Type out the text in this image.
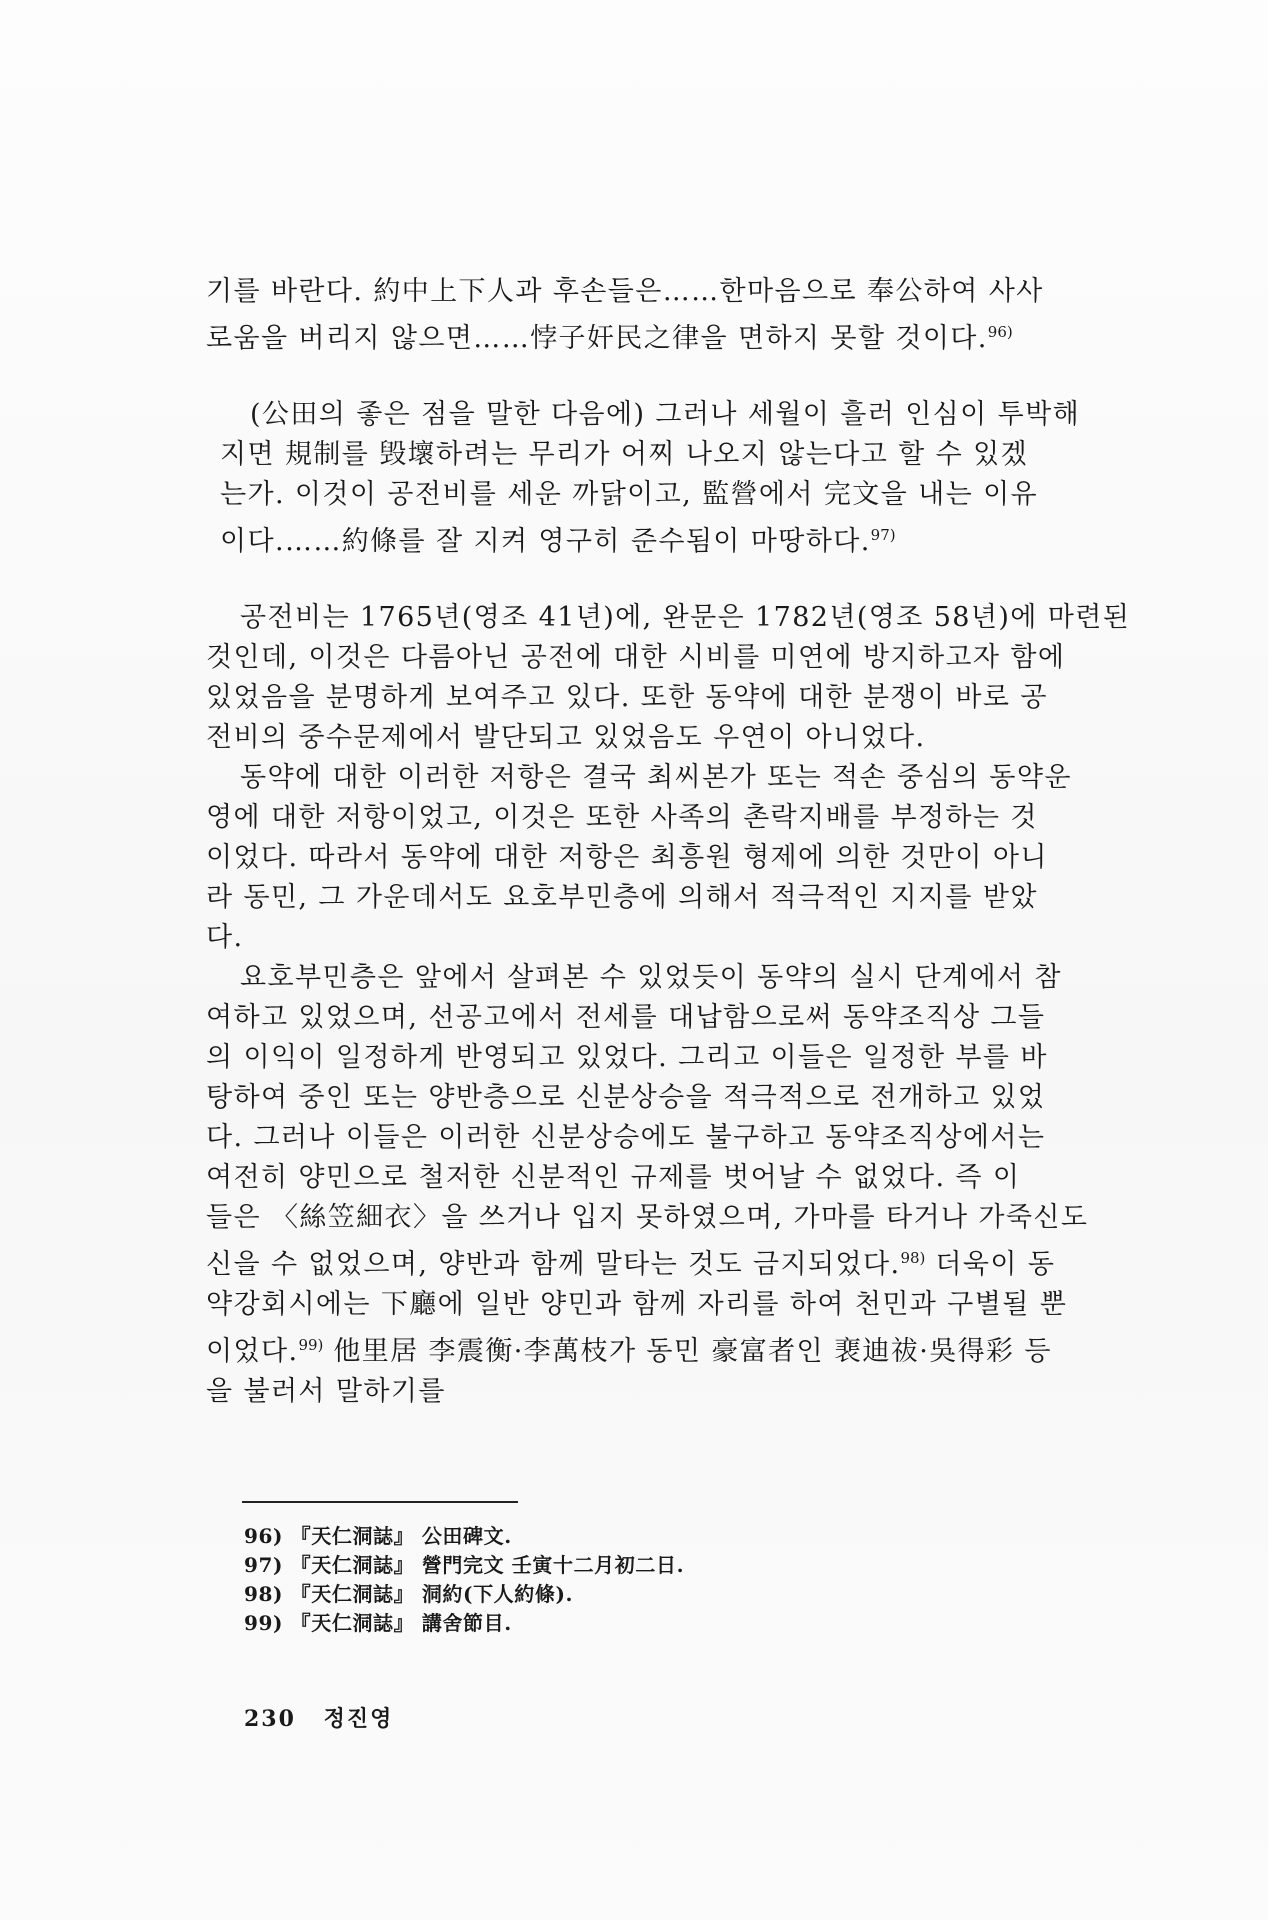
기를 바란다. 約中上下人과 후손들은……한마음으로 奉公하여 사사
로움을 버리지 않으면……悖子奸民之律을 면하지 못할 것이다.$^{96)}$
(公田의 좋은 점을 말한 다음에) 그러나 세월이 흘러 인심이 투박해
지면 規制를 毁壞하려는 무리가 어찌 나오지 않는다고 할 수 있겠
는가. 이것이 공전비를 세운 까닭이고, 監營에서 完文을 내는 이유
이다.……約條를 잘 지켜 영구히 준수됨이 마땅하다.$^{97)}$
공전비는 1765년(영조 41년)에, 완문은 1782년(영조 58년)에 마련된
것인데, 이것은 다름아닌 공전에 대한 시비를 미연에 방지하고자 함에
있었음을 분명하게 보여주고 있다. 또한 동약에 대한 분쟁이 바로 공
전비의 중수문제에서 발단되고 있었음도 우연이 아니었다.
동약에 대한 이러한 저항은 결국 최씨본가 또는 적손 중심의 동약운
영에 대한 저항이었고, 이것은 또한 사족의 촌락지배를 부정하는 것
이었다. 따라서 동약에 대한 저항은 최흥원 형제에 의한 것만이 아니
라 동민, 그 가운데서도 요호부민층에 의해서 적극적인 지지를 받았
다.
요호부민층은 앞에서 살펴본 수 있었듯이 동약의 실시 단계에서 참
여하고 있었으며, 선공고에서 전세를 대납함으로써 동약조직상 그들
의 이익이 일정하게 반영되고 있었다. 그리고 이들은 일정한 부를 바
탕하여 중인 또는 양반층으로 신분상승을 적극적으로 전개하고 있었
다. 그러나 이들은 이러한 신분상승에도 불구하고 동약조직상에서는
여전히 양민으로 철저한 신분적인 규제를 벗어날 수 없었다. 즉 이
들은 〈絲笠細衣〉을 쓰거나 입지 못하였으며, 가마를 타거나 가죽신도
신을 수 없었으며, 양반과 함께 말타는 것도 금지되었다.$^{98)}$ 더욱이 동
약강회시에는 下廳에 일반 양민과 함께 자리를 하여 천민과 구별될 뿐
이었다.$^{99)}$ 他里居 李震衡·李萬枝가 동민 豪富者인 裵迪祓·吳得彩 등
을 불러서 말하기를
96) 『天仁洞誌』 公田碑文.
97) 『天仁洞誌』 營門完文 壬寅十二月初二日.
98) 『天仁洞誌』 洞約(下人約條).
99) 『天仁洞誌』 講舍節目.
230 정진영
